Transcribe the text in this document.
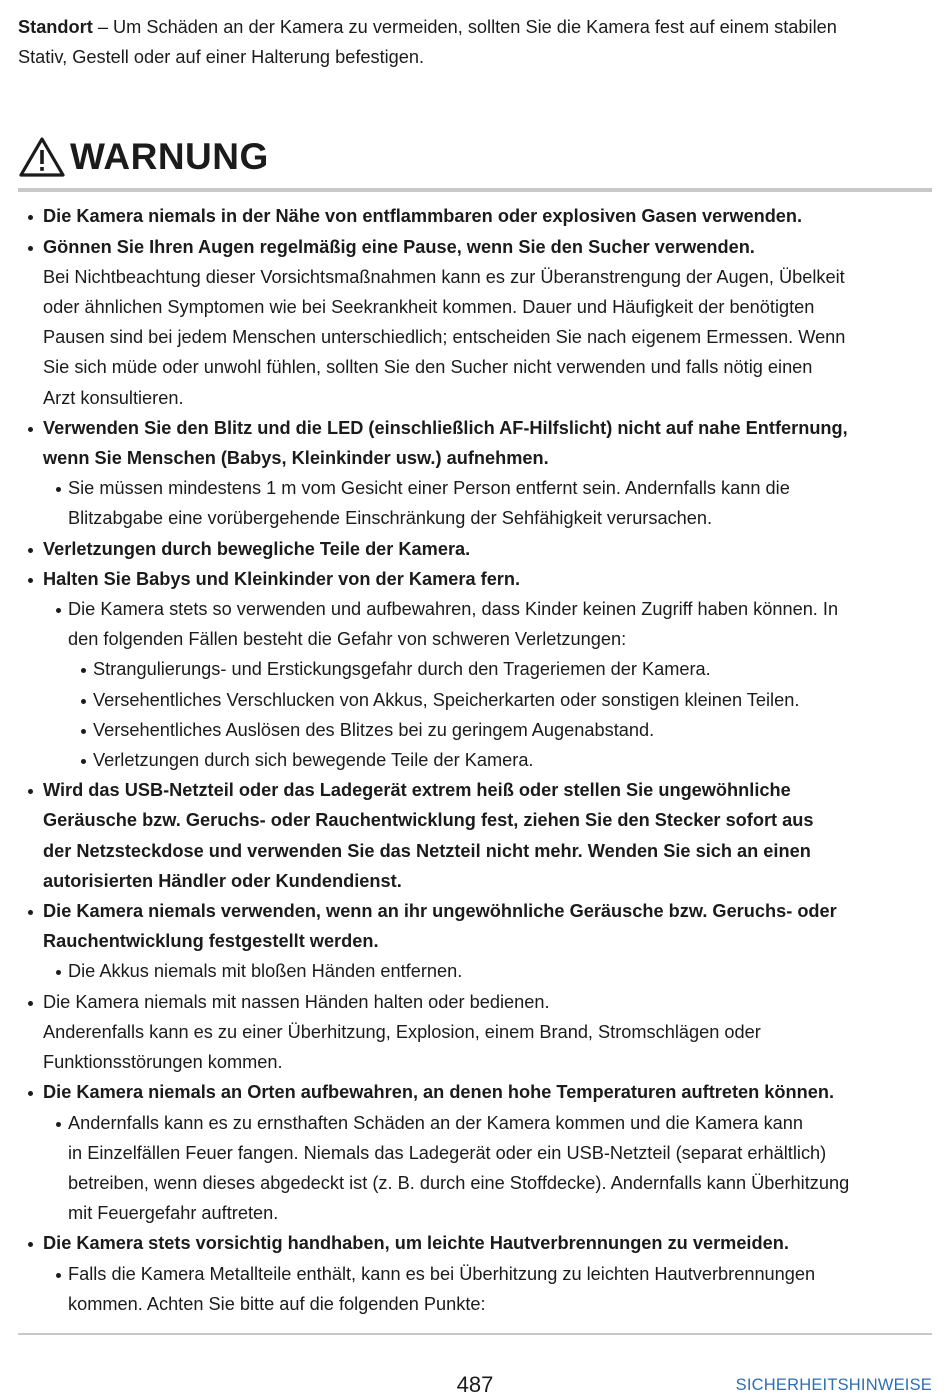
Standort – Um Schäden an der Kamera zu vermeiden, sollten Sie die Kamera fest auf einem stabilen
Stativ, Gestell oder auf einer Halterung befestigen.

WARNUNG
Die Kamera niemals in der Nähe von entflammbaren oder explosiven Gasen verwenden.
Gönnen Sie Ihren Augen regelmäßig eine Pause, wenn Sie den Sucher verwenden.
Bei Nichtbeachtung dieser Vorsichtsmaßnahmen kann es zur Überanstrengung der Augen, Übelkeit
oder ähnlichen Symptomen wie bei Seekrankheit kommen. Dauer und Häufigkeit der benötigten
Pausen sind bei jedem Menschen unterschiedlich; entscheiden Sie nach eigenem Ermessen. Wenn
Sie sich müde oder unwohl fühlen, sollten Sie den Sucher nicht verwenden und falls nötig einen
Arzt konsultieren.
Verwenden Sie den Blitz und die LED (einschließlich AF-Hilfslicht) nicht auf nahe Entfernung,
wenn Sie Menschen (Babys, Kleinkinder usw.) aufnehmen.
Sie müssen mindestens 1 m vom Gesicht einer Person entfernt sein. Andernfalls kann die
Blitzabgabe eine vorübergehende Einschränkung der Sehfähigkeit verursachen.
Verletzungen durch bewegliche Teile der Kamera.
Halten Sie Babys und Kleinkinder von der Kamera fern.
Die Kamera stets so verwenden und aufbewahren, dass Kinder keinen Zugriff haben können. In
den folgenden Fällen besteht die Gefahr von schweren Verletzungen:
Strangulierungs- und Erstickungsgefahr durch den Trageriemen der Kamera.
Versehentliches Verschlucken von Akkus, Speicherkarten oder sonstigen kleinen Teilen.
Versehentliches Auslösen des Blitzes bei zu geringem Augenabstand.
Verletzungen durch sich bewegende Teile der Kamera.
Wird das USB-Netzteil oder das Ladegerät extrem heiß oder stellen Sie ungewöhnliche
Geräusche bzw. Geruchs- oder Rauchentwicklung fest, ziehen Sie den Stecker sofort aus
der Netzsteckdose und verwenden Sie das Netzteil nicht mehr. Wenden Sie sich an einen
autorisierten Händler oder Kundendienst.
Die Kamera niemals verwenden, wenn an ihr ungewöhnliche Geräusche bzw. Geruchs- oder
Rauchentwicklung festgestellt werden.
Die Akkus niemals mit bloßen Händen entfernen.
Die Kamera niemals mit nassen Händen halten oder bedienen.
Anderenfalls kann es zu einer Überhitzung, Explosion, einem Brand, Stromschlägen oder
Funktionsstörungen kommen.
Die Kamera niemals an Orten aufbewahren, an denen hohe Temperaturen auftreten können.
Andernfalls kann es zu ernsthaften Schäden an der Kamera kommen und die Kamera kann
in Einzelfällen Feuer fangen. Niemals das Ladegerät oder ein USB-Netzteil (separat erhältlich)
betreiben, wenn dieses abgedeckt ist (z. B. durch eine Stoffdecke). Andernfalls kann Überhitzung
mit Feuergefahr auftreten.
Die Kamera stets vorsichtig handhaben, um leichte Hautverbrennungen zu vermeiden.
Falls die Kamera Metallteile enthält, kann es bei Überhitzung zu leichten Hautverbrennungen
kommen. Achten Sie bitte auf die folgenden Punkte:
487	SICHERHEITSHINWEISE
